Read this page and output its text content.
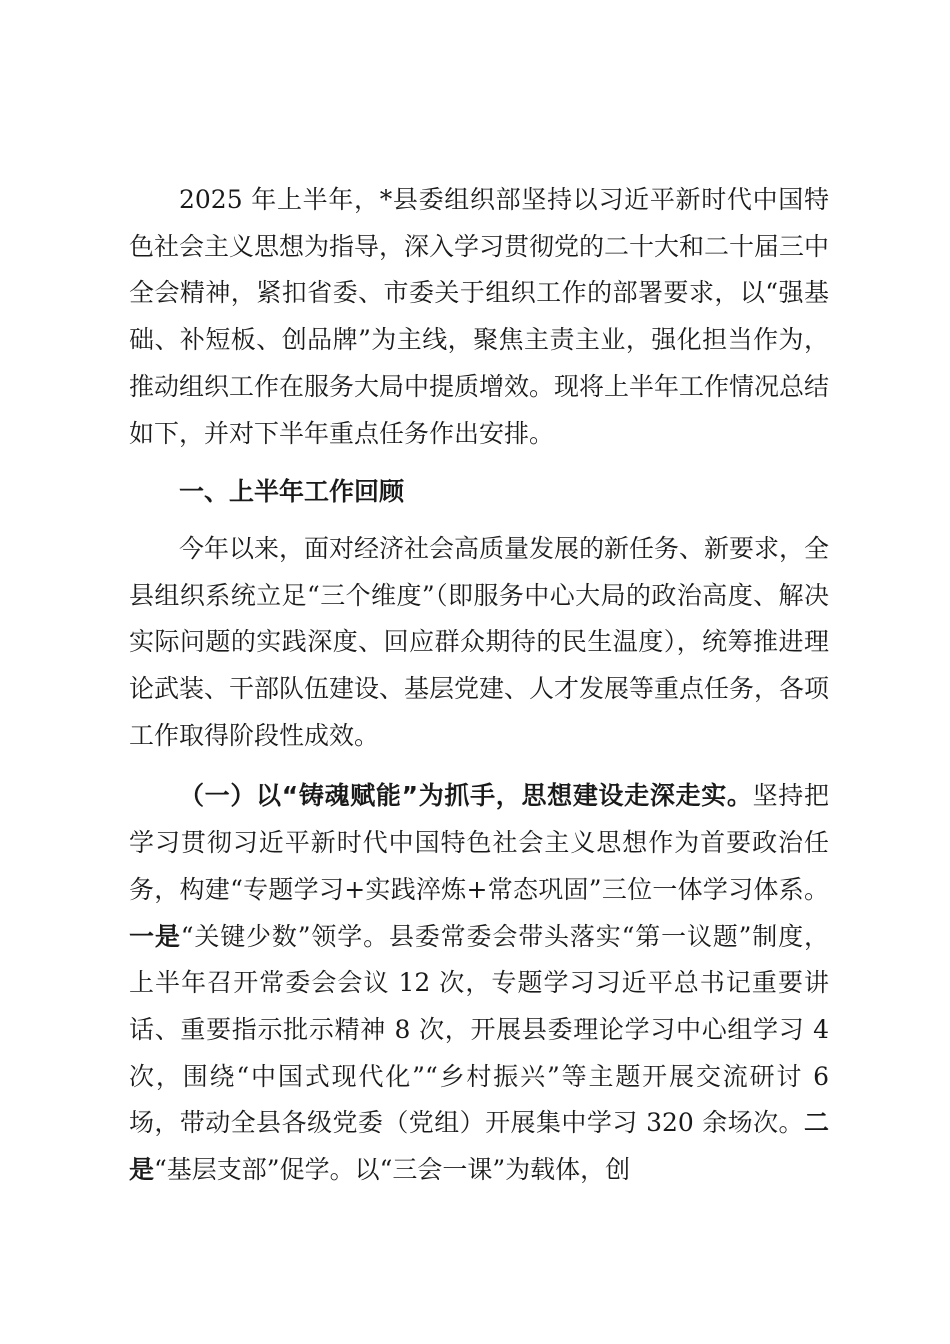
2025 年上半年，*县委组织部坚持以习近平新时代中国特色社会主义思想为指导，深入学习贯彻党的二十大和二十届三中全会精神，紧扣省委、市委关于组织工作的部署要求，以“强基础、补短板、创品牌”为主线，聚焦主责主业，强化担当作为，推动组织工作在服务大局中提质增效。现将上半年工作情况总结如下，并对下半年重点任务作出安排。

一、上半年工作回顾

今年以来，面对经济社会高质量发展的新任务、新要求，全县组织系统立足“三个维度”（即服务中心大局的政治高度、解决实际问题的实践深度、回应群众期待的民生温度），统筹推进理论武装、干部队伍建设、基层党建、人才发展等重点任务，各项工作取得阶段性成效。

（一）以“铸魂赋能”为抓手，思想建设走深走实。坚持把学习贯彻习近平新时代中国特色社会主义思想作为首要政治任务，构建“专题学习+实践淬炼+常态巩固”三位一体学习体系。一是“关键少数”领学。县委常委会带头落实“第一议题”制度，上半年召开常委会会议 12 次，专题学习习近平总书记重要讲话、重要指示批示精神 8 次，开展县委理论学习中心组学习 4 次，围绕“中国式现代化”“乡村振兴”等主题开展交流研讨 6 场，带动全县各级党委（党组）开展集中学习 320 余场次。二是“基层支部”促学。以“三会一课”为载体，创
